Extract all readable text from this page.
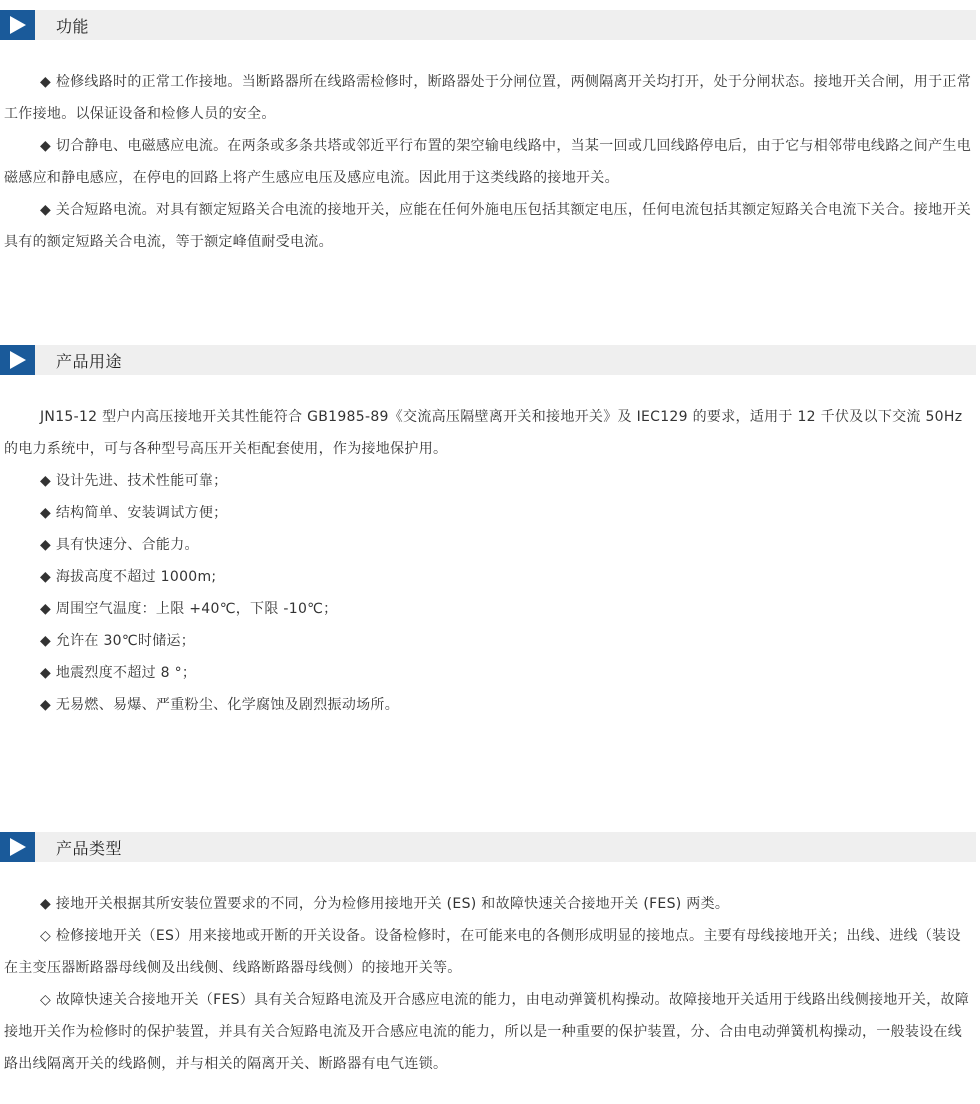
功能

◆ 检修线路时的正常工作接地。当断路器所在线路需检修时，断路器处于分闸位置，两侧隔离开关均打开，处于分闸状态。接地开关合闸，用于正常工作接地。以保证设备和检修人员的安全。

◆ 切合静电、电磁感应电流。在两条或多条共塔或邻近平行布置的架空输电线路中，当某一回或几回线路停电后，由于它与相邻带电线路之间产生电磁感应和静电感应，在停电的回路上将产生感应电压及感应电流。因此用于这类线路的接地开关。

◆ 关合短路电流。对具有额定短路关合电流的接地开关，应能在任何外施电压包括其额定电压，任何电流包括其额定短路关合电流下关合。接地开关具有的额定短路关合电流，等于额定峰值耐受电流。

产品用途

JN15-12 型户内高压接地开关其性能符合 GB1985-89《交流高压隔壁离开关和接地开关》及 IEC129 的要求，适用于 12 千伏及以下交流 50Hz 的电力系统中，可与各种型号高压开关柜配套使用，作为接地保护用。

◆ 设计先进、技术性能可靠；
◆ 结构简单、安装调试方便；
◆ 具有快速分、合能力。
◆ 海拔高度不超过 1000m;
◆ 周围空气温度：上限 +40℃，下限 -10℃；
◆ 允许在 30℃时储运；
◆ 地震烈度不超过 8 °；
◆ 无易燃、易爆、严重粉尘、化学腐蚀及剧烈振动场所。
产品类型

◆ 接地开关根据其所安装位置要求的不同，分为检修用接地开关 (ES) 和故障快速关合接地开关 (FES) 两类。

◇ 检修接地开关（ES）用来接地或开断的开关设备。设备检修时，在可能来电的各侧形成明显的接地点。主要有母线接地开关；出线、进线（装设在主变压器断路器母线侧及出线侧、线路断路器母线侧）的接地开关等。

◇ 故障快速关合接地开关（FES）具有关合短路电流及开合感应电流的能力，由电动弹簧机构操动。故障接地开关适用于线路出线侧接地开关，故障接地开关作为检修时的保护装置，并具有关合短路电流及开合感应电流的能力，所以是一种重要的保护装置，分、合由电动弹簧机构操动，一般装设在线路出线隔离开关的线路侧，并与相关的隔离开关、断路器有电气连锁。
